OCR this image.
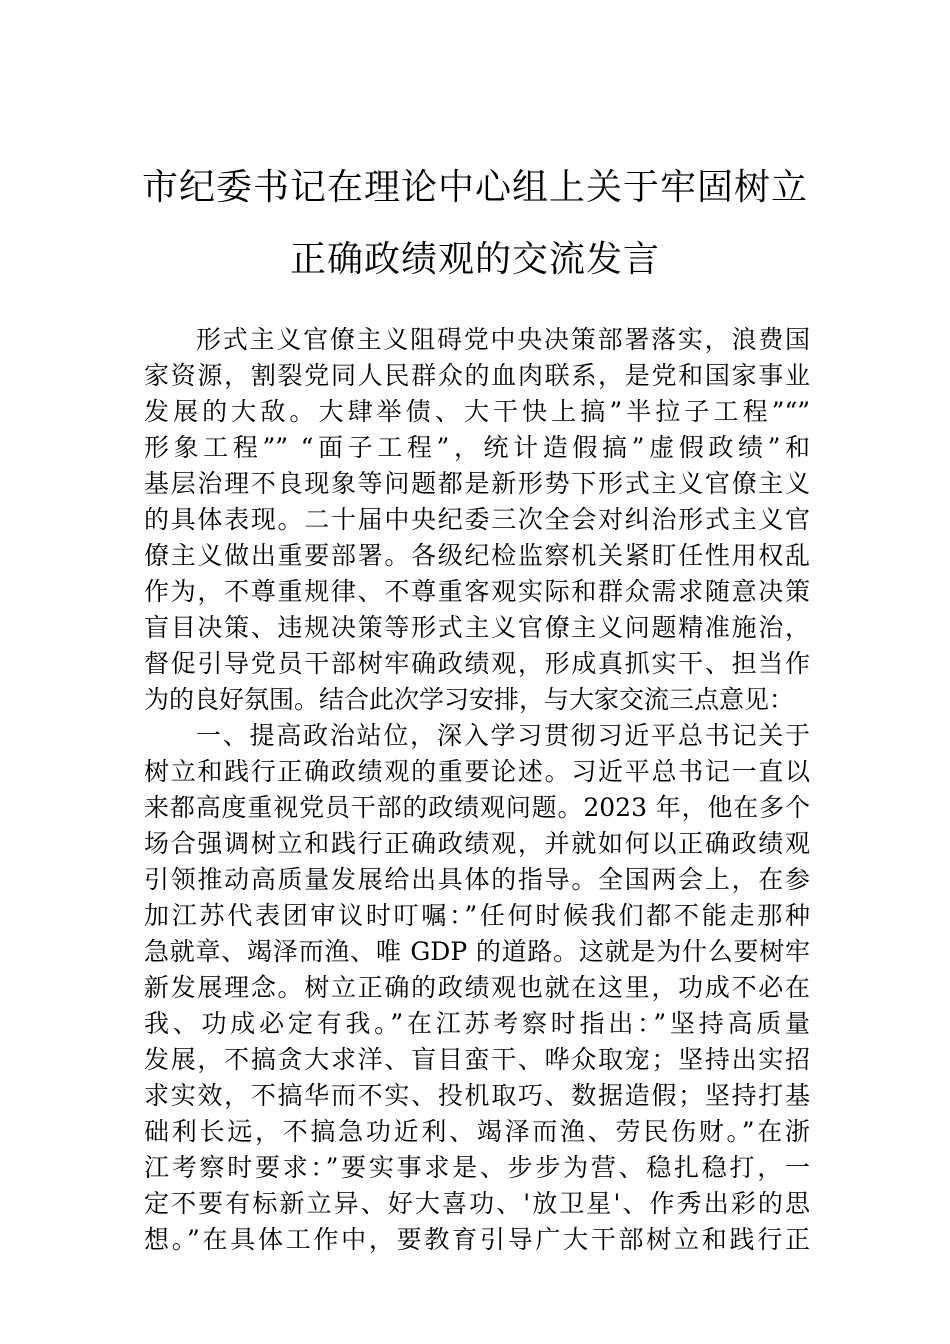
市纪委书记在理论中心组上关于牢固树立
正确政绩观的交流发言
形式主义官僚主义阻碍党中央决策部署落实，浪费国
家资源，割裂党同人民群众的血肉联系，是党和国家事业
发展的大敌。大肆举债、大干快上搞”半拉子工程”“”
形象工程”” “面子工程”，统计造假搞”虚假政绩”和
基层治理不良现象等问题都是新形势下形式主义官僚主义
的具体表现。二十届中央纪委三次全会对纠治形式主义官
僚主义做出重要部署。各级纪检监察机关紧盯任性用权乱
作为，不尊重规律、不尊重客观实际和群众需求随意决策
盲目决策、违规决策等形式主义官僚主义问题精准施治，
督促引导党员干部树牢确政绩观，形成真抓实干、担当作
为的良好氛围。结合此次学习安排，与大家交流三点意见：
一、提高政治站位，深入学习贯彻习近平总书记关于
树立和践行正确政绩观的重要论述。习近平总书记一直以
来都高度重视党员干部的政绩观问题。2023 年，他在多个
场合强调树立和践行正确政绩观，并就如何以正确政绩观
引领推动高质量发展给出具体的指导。全国两会上，在参
加江苏代表团审议时叮嘱：”任何时候我们都不能走那种
急就章、竭泽而渔、唯 GDP 的道路。这就是为什么要树牢
新发展理念。树立正确的政绩观也就在这里，功成不必在
我、功成必定有我。”在江苏考察时指出：”坚持高质量
发展，不搞贪大求洋、盲目蛮干、哗众取宠；坚持出实招
求实效，不搞华而不实、投机取巧、数据造假；坚持打基
础利长远，不搞急功近利、竭泽而渔、劳民伤财。”在浙
江考察时要求：”要实事求是、步步为营、稳扎稳打，一
定不要有标新立异、好大喜功、'放卫星'、作秀出彩的思
想。”在具体工作中，要教育引导广大干部树立和践行正
